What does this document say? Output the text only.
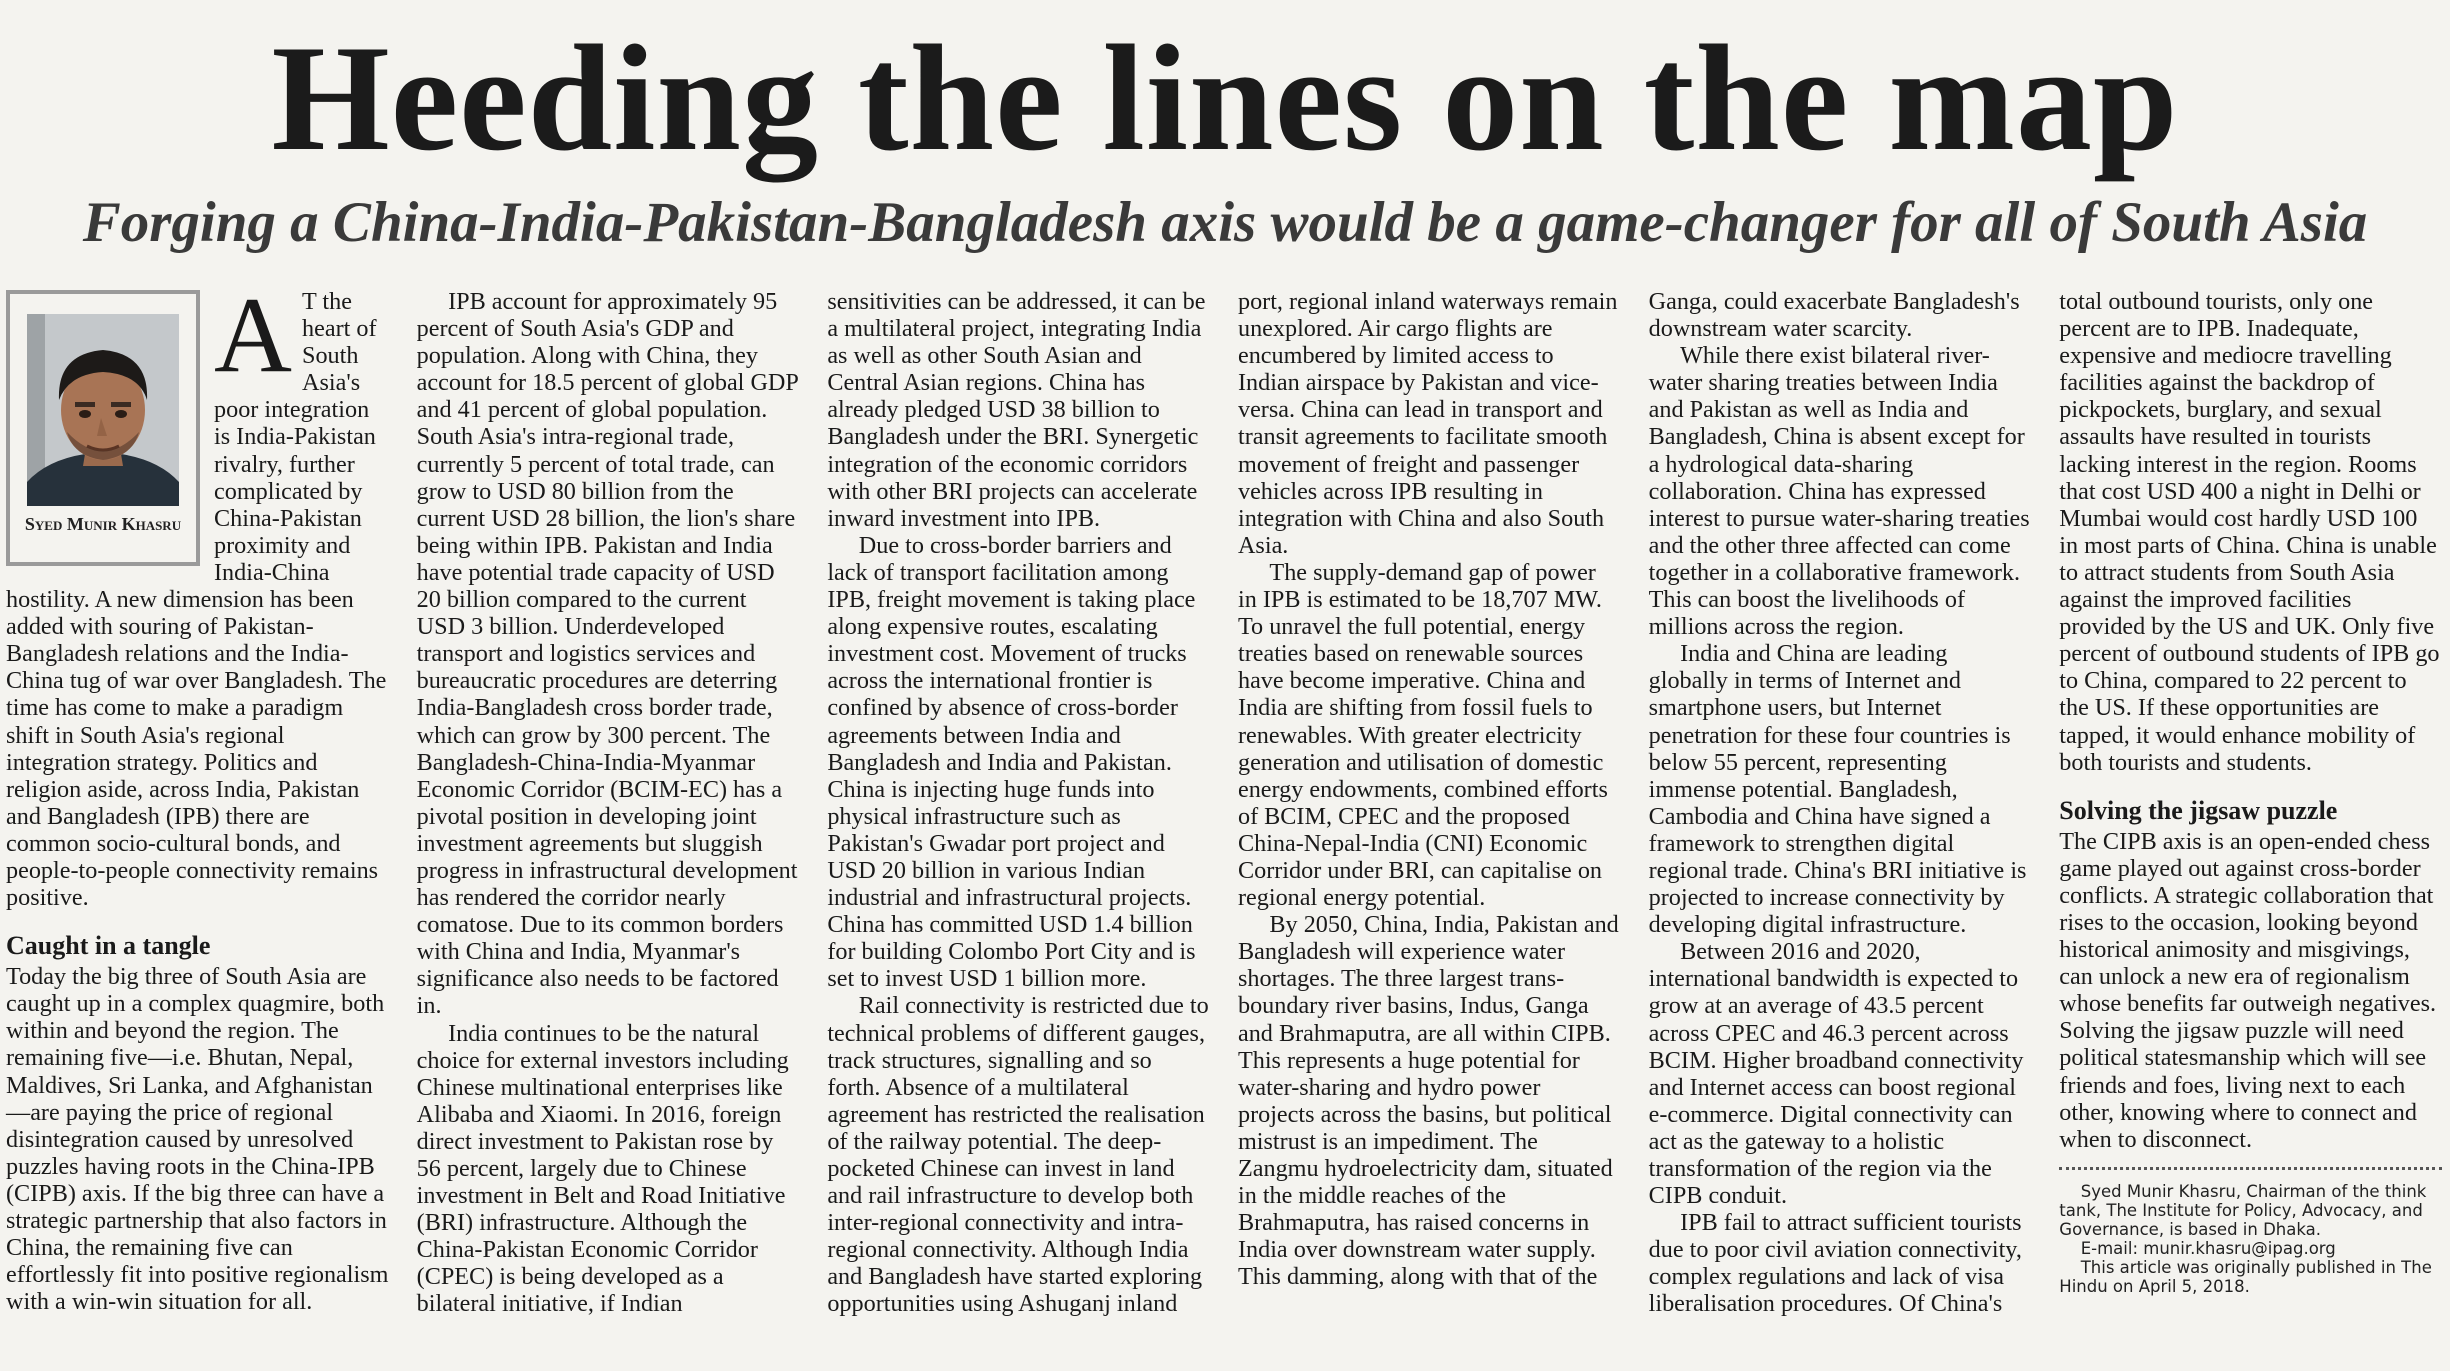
Heeding the lines on the map
Forging a China-India-Pakistan-Bangladesh axis would be a game-changer for all of South Asia
Syed Munir Khasru
A T the heart of South Asia's poor integration is India-Pakistan rivalry, further complicated by China-Pakistan proximity and India-China hostility. A new dimension has been added with souring of Pakistan-Bangladesh relations and the India-China tug of war over Bangladesh. The time has come to make a paradigm shift in South Asia's regional integration strategy. Politics and religion aside, across India, Pakistan and Bangladesh (IPB) there are common socio-cultural bonds, and people-to-people connectivity remains positive.

Caught in a tangle

Today the big three of South Asia are caught up in a complex quagmire, both within and beyond the region. The remaining five—i.e. Bhutan, Nepal, Maldives, Sri Lanka, and Afghanistan—are paying the price of regional disintegration caused by unresolved puzzles having roots in the China-IPB (CIPB) axis. If the big three can have a strategic partnership that also factors in China, the remaining five can effortlessly fit into positive regionalism with a win-win situation for all.

IPB account for approximately 95 percent of South Asia's GDP and population. Along with China, they account for 18.5 percent of global GDP and 41 percent of global population. South Asia's intra-regional trade, currently 5 percent of total trade, can grow to USD 80 billion from the current USD 28 billion, the lion's share being within IPB. Pakistan and India have potential trade capacity of USD 20 billion compared to the current USD 3 billion. Underdeveloped transport and logistics services and bureaucratic procedures are deterring India-Bangladesh cross border trade, which can grow by 300 percent. The Bangladesh-China-India-Myanmar Economic Corridor (BCIM-EC) has a pivotal position in developing joint investment agreements but sluggish progress in infrastructural development has rendered the corridor nearly comatose. Due to its common borders with China and India, Myanmar's significance also needs to be factored in.

India continues to be the natural choice for external investors including Chinese multinational enterprises like Alibaba and Xiaomi. In 2016, foreign direct investment to Pakistan rose by 56 percent, largely due to Chinese investment in Belt and Road Initiative (BRI) infrastructure. Although the China-Pakistan Economic Corridor (CPEC) is being developed as a bilateral initiative, if Indian sensitivities can be addressed, it can be a multilateral project, integrating India as well as other South Asian and Central Asian regions. China has already pledged USD 38 billion to Bangladesh under the BRI. Synergetic integration of the economic corridors with other BRI projects can accelerate inward investment into IPB.

Due to cross-border barriers and lack of transport facilitation among IPB, freight movement is taking place along expensive routes, escalating investment cost. Movement of trucks across the international frontier is confined by absence of cross-border agreements between India and Bangladesh and India and Pakistan. China is injecting huge funds into physical infrastructure such as Pakistan's Gwadar port project and USD 20 billion in various Indian industrial and infrastructural projects. China has committed USD 1.4 billion for building Colombo Port City and is set to invest USD 1 billion more.

Rail connectivity is restricted due to technical problems of different gauges, track structures, signalling and so forth. Absence of a multilateral agreement has restricted the realisation of the railway potential. The deep-pocketed Chinese can invest in land and rail infrastructure to develop both inter-regional connectivity and intra-regional connectivity. Although India and Bangladesh have started exploring opportunities using Ashuganj inland port, regional inland waterways remain unexplored. Air cargo flights are encumbered by limited access to Indian airspace by Pakistan and vice-versa. China can lead in transport and transit agreements to facilitate smooth movement of freight and passenger vehicles across IPB resulting in integration with China and also South Asia.

The supply-demand gap of power in IPB is estimated to be 18,707 MW. To unravel the full potential, energy treaties based on renewable sources have become imperative. China and India are shifting from fossil fuels to renewables. With greater electricity generation and utilisation of domestic energy endowments, combined efforts of BCIM, CPEC and the proposed China-Nepal-India (CNI) Economic Corridor under BRI, can capitalise on regional energy potential.

By 2050, China, India, Pakistan and Bangladesh will experience water shortages. The three largest trans-boundary river basins, Indus, Ganga and Brahmaputra, are all within CIPB. This represents a huge potential for water-sharing and hydro power projects across the basins, but political mistrust is an impediment. The Zangmu hydroelectricity dam, situated in the middle reaches of the Brahmaputra, has raised concerns in India over downstream water supply. This damming, along with that of the Ganga, could exacerbate Bangladesh's downstream water scarcity.

While there exist bilateral river-water sharing treaties between India and Pakistan as well as India and Bangladesh, China is absent except for a hydrological data-sharing collaboration. China has expressed interest to pursue water-sharing treaties and the other three affected can come together in a collaborative framework. This can boost the livelihoods of millions across the region.

India and China are leading globally in terms of Internet and smartphone users, but Internet penetration for these four countries is below 55 percent, representing immense potential. Bangladesh, Cambodia and China have signed a framework to strengthen digital regional trade. China's BRI initiative is projected to increase connectivity by developing digital infrastructure.

Between 2016 and 2020, international bandwidth is expected to grow at an average of 43.5 percent across CPEC and 46.3 percent across BCIM. Higher broadband connectivity and Internet access can boost regional e-commerce. Digital connectivity can act as the gateway to a holistic transformation of the region via the CIPB conduit.

IPB fail to attract sufficient tourists due to poor civil aviation connectivity, complex regulations and lack of visa liberalisation procedures. Of China's total outbound tourists, only one percent are to IPB. Inadequate, expensive and mediocre travelling facilities against the backdrop of pickpockets, burglary, and sexual assaults have resulted in tourists lacking interest in the region. Rooms that cost USD 400 a night in Delhi or Mumbai would cost hardly USD 100 in most parts of China. China is unable to attract students from South Asia against the improved facilities provided by the US and UK. Only five percent of outbound students of IPB go to China, compared to 22 percent to the US. If these opportunities are tapped, it would enhance mobility of both tourists and students.

Solving the jigsaw puzzle

The CIPB axis is an open-ended chess game played out against cross-border conflicts. A strategic collaboration that rises to the occasion, looking beyond historical animosity and misgivings, can unlock a new era of regionalism whose benefits far outweigh negatives. Solving the jigsaw puzzle will need political statesmanship which will see friends and foes, living next to each other, knowing where to connect and when to disconnect.

Syed Munir Khasru, Chairman of the think tank, The Institute for Policy, Advocacy, and Governance, is based in Dhaka.

E-mail: munir.khasru@ipag.org

This article was originally published in The Hindu on April 5, 2018.
